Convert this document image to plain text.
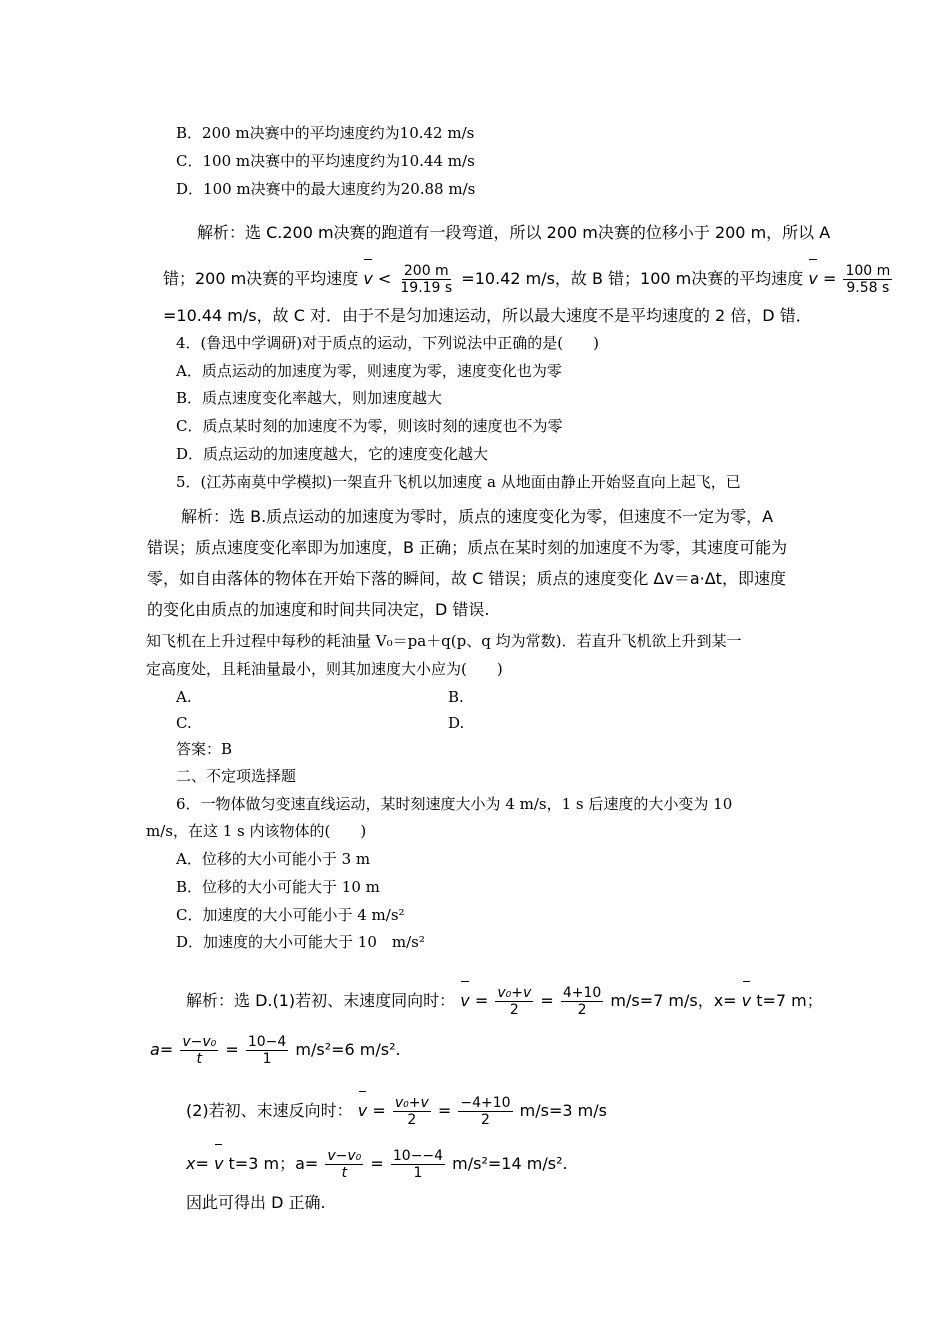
B．200 m决赛中的平均速度约为10.42 m/s
C．100 m决赛中的平均速度约为10.44 m/s
D．100 m决赛中的最大速度约为20.88 m/s
解析：选 C.200 m决赛的跑道有一段弯道，所以 200 m决赛的位移小于 200 m，所以 A
错；200 m决赛的平均速度 $v < \frac{200 m}{19.19 s} =10.42$ m/s，故 B 错；100 m决赛的平均速度 $v = \frac{100 m}{9.58 s}$
=10.44 m/s，故 C 对．由于不是匀加速运动，所以最大速度不是平均速度的 2 倍，D 错．
4．(鲁迅中学调研)对于质点的运动，下列说法中正确的是(　　)
A．质点运动的加速度为零，则速度为零，速度变化也为零
B．质点速度变化率越大，则加速度越大
C．质点某时刻的加速度不为零，则该时刻的速度也不为零
D．质点运动的加速度越大，它的速度变化越大
5．(江苏南莫中学模拟)一架直升飞机以加速度 a 从地面由静止开始竖直向上起飞，已
解析：选 B.质点运动的加速度为零时，质点的速度变化为零，但速度不一定为零，A
错误；质点速度变化率即为加速度，B 正确；质点在某时刻的加速度不为零，其速度可能为
零，如自由落体的物体在开始下落的瞬间，故 C 错误；质点的速度变化 Δv＝a·Δt，即速度
的变化由质点的加速度和时间共同决定，D 错误.
知飞机在上升过程中每秒的耗油量 V₀＝pa＋q(p、q 均为常数)．若直升飞机欲上升到某一
定高度处，且耗油量最小，则其加速度大小应为(　　)
A.	B.
C.	D.
答案：B
二、不定项选择题
6．一物体做匀变速直线运动，某时刻速度大小为 4 m/s，1 s 后速度的大小变为 10
m/s，在这 1 s 内该物体的(　　)
A．位移的大小可能小于 3 m
B．位移的大小可能大于 10 m
C．加速度的大小可能小于 4 m/s²
D．加速度的大小可能大于 10　m/s²
解析：选 D.(1)若初、末速度同向时： $v = \frac{\text{v₀+v}}{2} = \frac{4+10}{2} m/s=7$ m/s，x= v t=7 m；
$a= \frac{\text{v−v₀}}{t} = \frac{10-4}{1} m/s^2=6$ m/s².
(2)若初、末速反向时： $v = \frac{\text{v₀+v}}{2} = \frac{-4+10}{2} m/s=3$ m/s
x= v t=3 m；$a= \frac{\text{v−v₀}}{t} = \frac{10--4}{1} m/s^2=14$ m/s².
因此可得出 D 正确.
